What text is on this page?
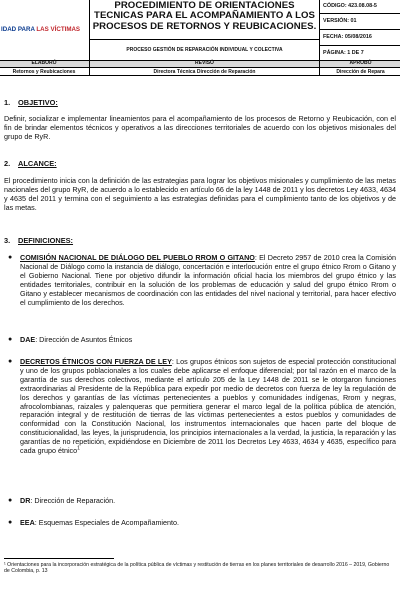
IDAD PARA LAS VÍCTIMAS
PROCEDIMIENTO DE ORIENTACIONES TECNICAS PARA EL ACOMPAÑAMIENTO A LOS PROCESOS DE RETORNOS Y REUBICACIONES.
PROCESO GESTIÓN DE REPARACIÓN INDIVIDUAL Y COLECTIVA
CÓDIGO: 423.08.08-5
VERSIÓN: 01
FECHA: 05/08/2016
PÁGINA: 1 DE 7
ELABORÓ
Retornos y Reubicaciones
REVISÓ
Directora Técnica Dirección de Reparación
APROBÓ
Dirección de Repara
1. OBJETIVO:
Definir, socializar e implementar lineamientos para el acompañamiento de los procesos de Retorno y Reubicación, con el fin de brindar elementos técnicos y operativos a las direcciones territoriales de acuerdo con los objetivos misionales del grupo de RyR.
2. ALCANCE:
El procedimiento inicia con la definición de las estrategias para lograr los objetivos misionales y cumplimiento de las metas nacionales del grupo RyR, de acuerdo a lo establecido en artículo 66 de la ley 1448 de 2011 y los decretos Ley 4633, 4634 y 4635 del 2011 y termina con el seguimiento a las estrategias definidas para el cumplimiento tanto de los objetivos y de las metas.
3. DEFINICIONES:
● COMISIÓN NACIONAL DE DIÁLOGO DEL PUEBLO RROM O GITANO: El Decreto 2957 de 2010 crea la Comisión Nacional de Diálogo como la instancia de diálogo, concertación e interlocución entre el grupo étnico Rrom o Gitano y el Gobierno Nacional. Tiene por objetivo difundir la información oficial hacia los miembros del grupo étnico y las entidades territoriales, contribuir en la solución de los problemas de educación y salud del grupo étnico Rrom o Gitano y establecer mecanismos de coordinación con las entidades del nivel nacional y territorial, para hacer efectivo el cumplimiento de los derechos.
● DAE: Dirección de Asuntos Étnicos
● DECRETOS ÉTNICOS CON FUERZA DE LEY: Los grupos étnicos son sujetos de especial protección constitucional y uno de los grupos poblacionales a los cuales debe aplicarse el enfoque diferencial; por tal razón en el marco de la garantía de sus derechos colectivos, mediante el artículo 205 de la Ley 1448 de 2011 se le otorgaron funciones extraordinarias al Presidente de la República para expedir por medio de decretos con fuerza de ley la regulación de los derechos y garantías de las víctimas pertenecientes a pueblos y comunidades indígenas, Rrom y negras, afrocolombianas, raizales y palenqueras que permitiera generar el marco legal de la política pública de atención, reparación integral y de restitución de tierras de las víctimas pertenecientes a estos pueblos y comunidades de conformidad con la Constitución Nacional, los instrumentos internacionales que hacen parte del bloque de constitucionalidad, las leyes, la jurisprudencia, los principios internacionales a la verdad, la justicia, la reparación y las garantías de no repetición, expidiéndose en Diciembre de 2011 los Decretos Ley 4633, 4634 y 4635, específico para cada grupo étnico$^1$
● DR: Dirección de Reparación.
● EEA: Esquemas Especiales de Acompañamiento.
¹ Orientaciones para la incorporación estratégica de la política pública de víctimas y restitución de tierras en los planes territoriales de desarrollo 2016 – 2019, Gobierno de Colombia, p. 13
